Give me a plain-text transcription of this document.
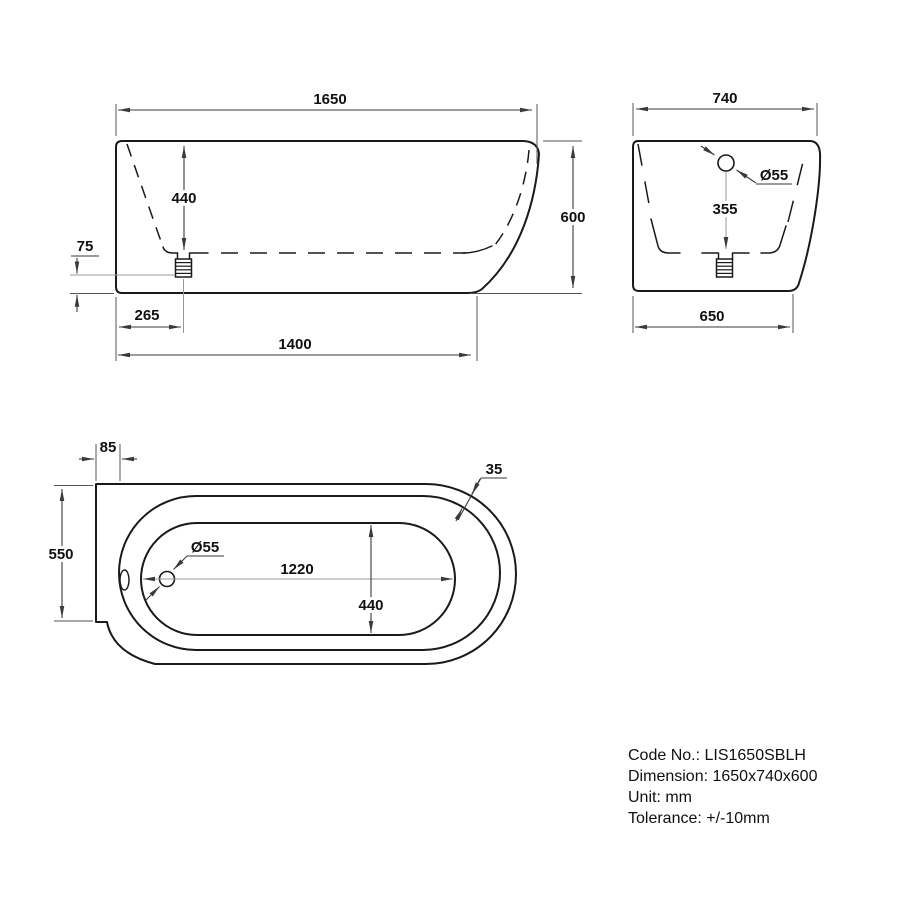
1650
440
600
75
265
1400
Ø55
355
740
650
Ø55
1220
440
550
85
35
Code No.: LIS1650SBLH
Dimension: 1650x740x600
Unit: mm
Tolerance: +/-10mm
